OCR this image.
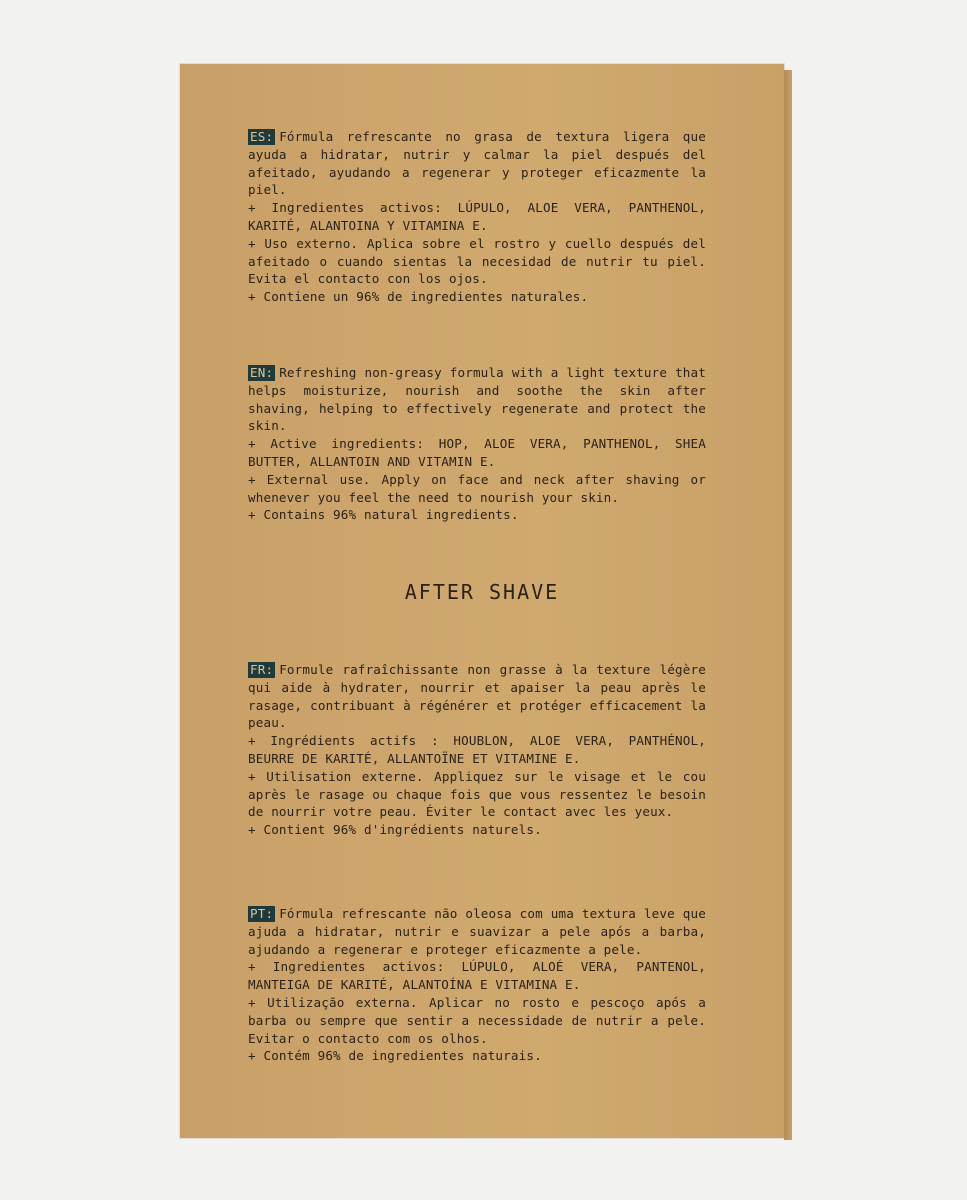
ES: Fórmula refrescante no grasa de textura ligera que ayuda a hidratar, nutrir y calmar la piel después del afeitado, ayudando a regenerar y proteger eficazmente la piel.

+ Ingredientes activos: LÚPULO, ALOE VERA, PANTHENOL, KARITÉ, ALANTOINA Y VITAMINA E.

+ Uso externo. Aplica sobre el rostro y cuello después del afeitado o cuando sientas la necesidad de nutrir tu piel. Evita el contacto con los ojos.

+ Contiene un 96% de ingredientes naturales.

EN: Refreshing non-greasy formula with a light texture that helps moisturize, nourish and soothe the skin after shaving, helping to effectively regenerate and protect the skin.

+ Active ingredients: HOP, ALOE VERA, PANTHENOL, SHEA BUTTER, ALLANTOIN AND VITAMIN E.

+ External use. Apply on face and neck after shaving or whenever you feel the need to nourish your skin.

+ Contains 96% natural ingredients.

AFTER SHAVE

FR: Formule rafraîchissante non grasse à la texture légère qui aide à hydrater, nourrir et apaiser la peau après le rasage, contribuant à régénérer et protéger efficacement la peau.

+ Ingrédients actifs : HOUBLON, ALOE VERA, PANTHÉNOL, BEURRE DE KARITÉ, ALLANTOÏNE ET VITAMINE E.

+ Utilisation externe. Appliquez sur le visage et le cou après le rasage ou chaque fois que vous ressentez le besoin de nourrir votre peau. Éviter le contact avec les yeux.

+ Contient 96% d'ingrédients naturels.

PT: Fórmula refrescante não oleosa com uma textura leve que ajuda a hidratar, nutrir e suavizar a pele após a barba, ajudando a regenerar e proteger eficazmente a pele.

+ Ingredientes activos: LÚPULO, ALOÉ VERA, PANTENOL, MANTEIGA DE KARITÉ, ALANTOÍNA E VITAMINA E.

+ Utilização externa. Aplicar no rosto e pescoço após a barba ou sempre que sentir a necessidade de nutrir a pele. Evitar o contacto com os olhos.

+ Contém 96% de ingredientes naturais.
